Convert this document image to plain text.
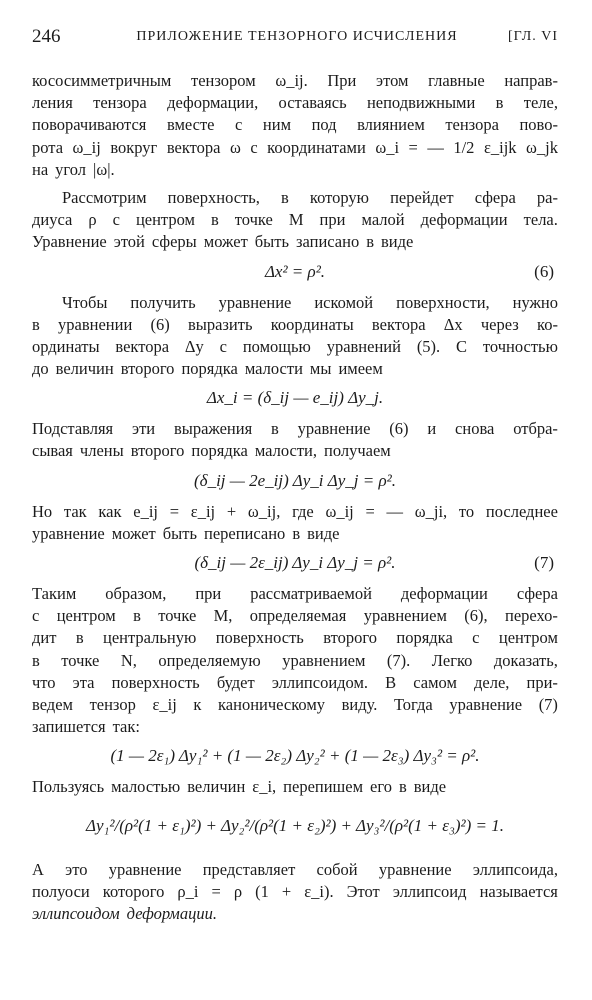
246	ПРИЛОЖЕНИЕ ТЕНЗОРНОГО ИСЧИСЛЕНИЯ	[ГЛ. VI
кососимметричным тензором ω_ij. При этом главные направ-
ления тензора деформации, оставаясь неподвижными в теле,
поворачиваются вместе с ним под влиянием тензора пово-
рота ω_ij вокруг вектора ω с координатами ω_i = — 1/2 ε_ijk ω_jk
на угол |ω|.
Рассмотрим поверхность, в которую перейдет сфера ра-
диуса ρ с центром в точке M при малой деформации тела.
Уравнение этой сферы может быть записано в виде
Δx² = ρ².	(6)
Чтобы получить уравнение искомой поверхности, нужно
в уравнении (6) выразить координаты вектора Δx через ко-
ординаты вектора Δy с помощью уравнений (5). С точностью
до величин второго порядка малости мы имеем
Δx_i = (δ_ij — e_ij) Δy_j.
Подставляя эти выражения в уравнение (6) и снова отбра-
сывая члены второго порядка малости, получаем
(δ_ij — 2e_ij) Δy_i Δy_j = ρ².
Но так как e_ij = ε_ij + ω_ij, где ω_ij = — ω_ji, то последнее
уравнение может быть переписано в виде
(δ_ij — 2ε_ij) Δy_i Δy_j = ρ².	(7)
Таким образом, при рассматриваемой деформации сфера
с центром в точке M, определяемая уравнением (6), перехо-
дит в центральную поверхность второго порядка с центром
в точке N, определяемую уравнением (7). Легко доказать,
что эта поверхность будет эллипсоидом. В самом деле, при-
ведем тензор ε_ij к каноническому виду. Тогда уравнение (7)
запишется так:
(1 — 2ε₁) Δy₁² + (1 — 2ε₂) Δy₂² + (1 — 2ε₃) Δy₃² = ρ².
Пользуясь малостью величин ε_i, перепишем его в виде
Δy₁²/(ρ²(1 + ε₁)²) + Δy₂²/(ρ²(1 + ε₂)²) + Δy₃²/(ρ²(1 + ε₃)²) = 1.
А это уравнение представляет собой уравнение эллипсоида,
полуоси которого ρ_i = ρ (1 + ε_i). Этот эллипсоид называется
эллипсоидом деформации.
